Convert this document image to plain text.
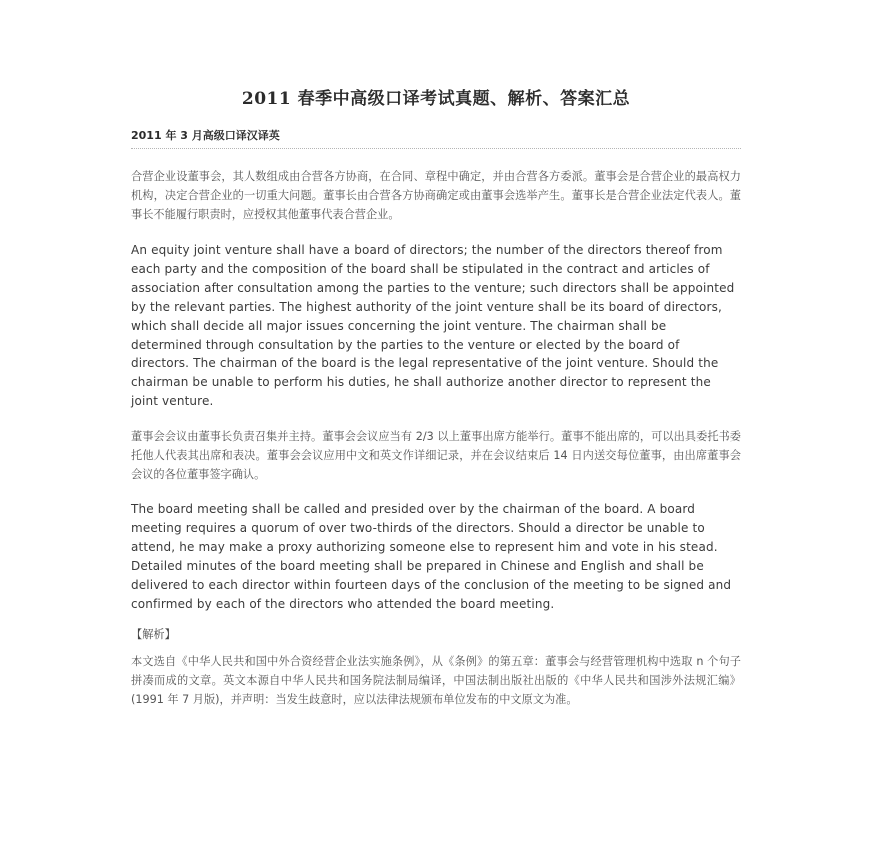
2011 春季中高级口译考试真题、解析、答案汇总
2011 年 3 月高级口译汉译英

合营企业设董事会，其人数组成由合营各方协商，在合同、章程中确定，并由合营各方委派。董事会是合营企业的最高权力机构，决定合营企业的一切重大问题。董事长由合营各方协商确定或由董事会选举产生。董事长是合营企业法定代表人。董事长不能履行职责时，应授权其他董事代表合营企业。

An equity joint venture shall have a board of directors; the number of the directors thereof from each party and the composition of the board shall be stipulated in the contract and articles of association after consultation among the parties to the venture; such directors shall be appointed by the relevant parties. The highest authority of the joint venture shall be its board of directors, which shall decide all major issues concerning the joint venture. The chairman shall be determined through consultation by the parties to the venture or elected by the board of directors. The chairman of the board is the legal representative of the joint venture. Should the chairman be unable to perform his duties, he shall authorize another director to represent the joint venture.

董事会会议由董事长负责召集并主持。董事会会议应当有 2/3 以上董事出席方能举行。董事不能出席的，可以出具委托书委托他人代表其出席和表决。董事会会议应用中文和英文作详细记录，并在会议结束后 14 日内送交每位董事，由出席董事会会议的各位董事签字确认。

The board meeting shall be called and presided over by the chairman of the board. A board meeting requires a quorum of over two-thirds of the directors. Should a director be unable to attend, he may make a proxy authorizing someone else to represent him and vote in his stead. Detailed minutes of the board meeting shall be prepared in Chinese and English and shall be delivered to each director within fourteen days of the conclusion of the meeting to be signed and confirmed by each of the directors who attended the board meeting.

【解析】

本文选自《中华人民共和国中外合资经营企业法实施条例》，从《条例》的第五章：董事会与经营管理机构中选取 n 个句子拼凑而成的文章。英文本源自中华人民共和国务院法制局编译，中国法制出版社出版的《中华人民共和国涉外法规汇编》(1991 年 7 月版)，并声明：当发生歧意时，应以法律法规颁布单位发布的中文原文为准。
